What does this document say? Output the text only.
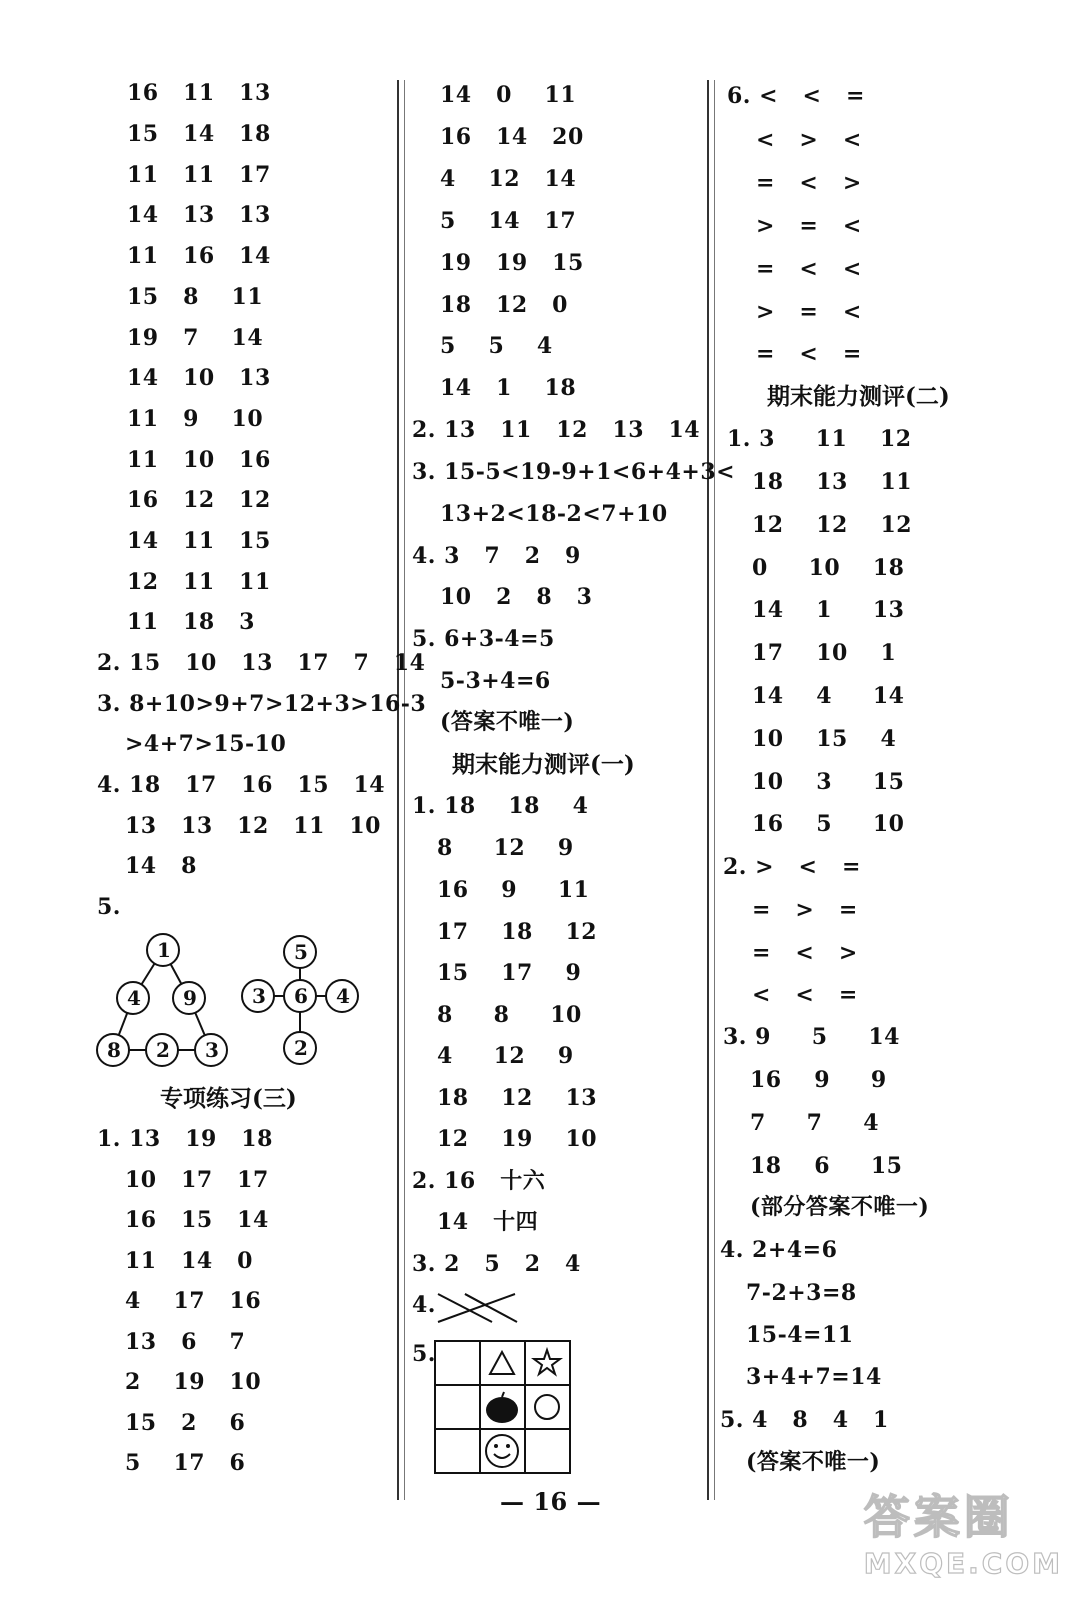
16   11   13
15   14   18
11   11   17
14   13   13
11   16   14
15   8    11
19   7    14
14   10   13
11   9    10
11   10   16
16   12   12
14   11   15
12   11   11
11   18   3
2. 15   10   13   17   7   14
3. 8+10>9+7>12+3>16-3
>4+7>15-10
4. 18   17   16   15   14
13   13   12   11   10
14   8
5.
1
4 9
8 2 3
5
3 6 4
2
专项练习(三)
1. 13   19   18
10   17   17
16   15   14
11   14   0
4    17   16
13   6    7
2    19   10
15   2    6
5    17   6
14   0    11
16   14   20
4    12   14
5    14   17
19   19   15
18   12   0
5    5    4
14   1    18
2. 13   11   12   13   14
3. 15-5<19-9+1<6+4+3<
13+2<18-2<7+10
4. 3   7   2   9
10   2   8   3
5. 6+3-4=5
5-3+4=6
(答案不唯一)
期末能力测评(一)
1. 18    18    4
8     12    9
16    9     11
17    18    12
15    17    9
8     8     10
4     12    9
18    12    13
12    19    10
2. 16   十六
14   十四
3. 2   5   2   4
4.
5.
6. <   <   =
<   >   <
=   <   >
>   =   <
=   <   <
>   =   <
=   <   =
期末能力测评(二)
1. 3     11    12
18    13    11
12    12    12
0     10    18
14    1     13
17    10    1
14    4     14
10    15    4
10    3     15
16    5     10
2. >   <   =
=   >   =
=   <   >
<   <   =
3. 9     5     14
16    9     9
7     7     4
18    6     15
(部分答案不唯一)
4. 2+4=6
7-2+3=8
15-4=11
3+4+7=14
5. 4   8   4   1
(答案不唯一)
— 16 —	答案圈
MXQE.COM
